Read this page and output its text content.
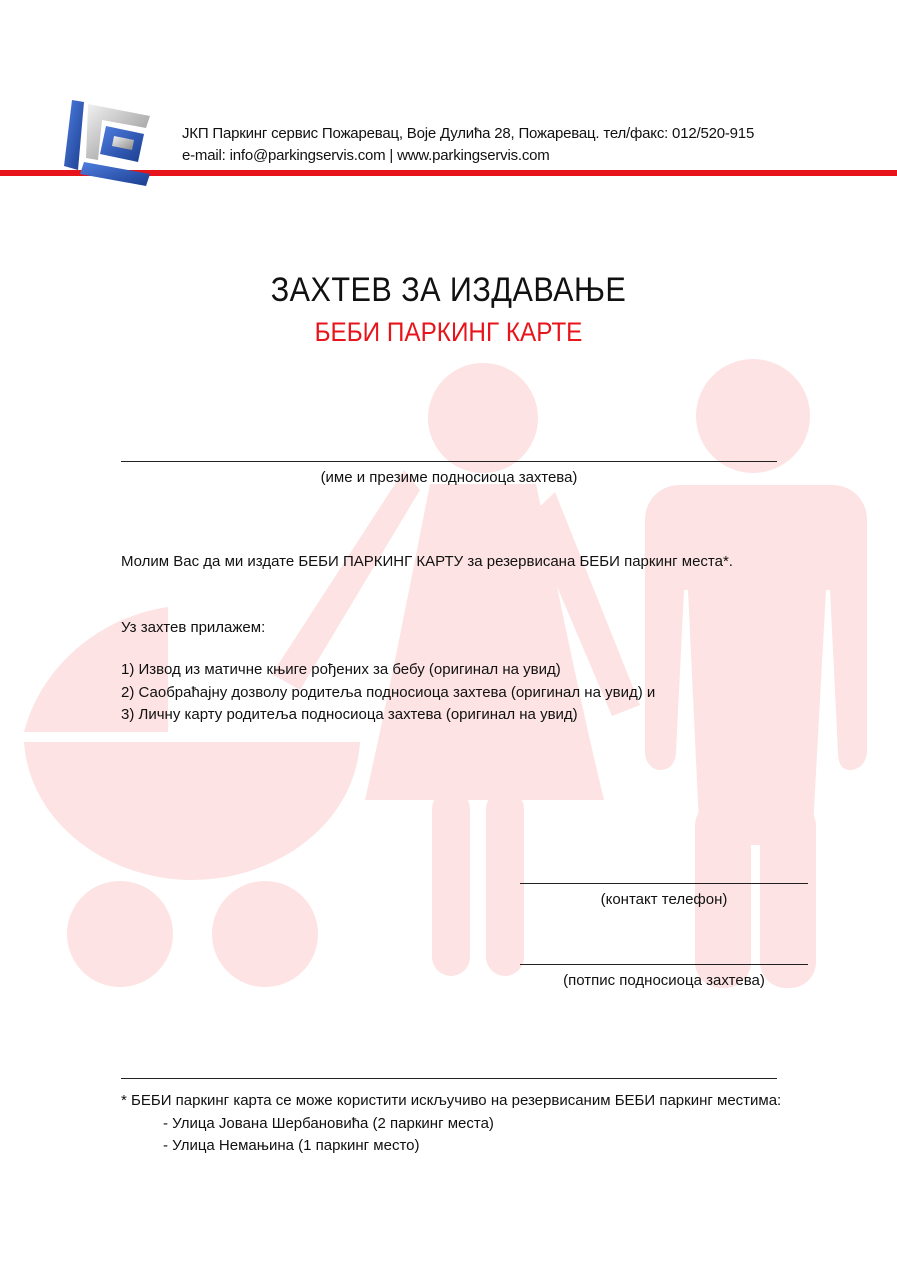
ЈКП Паркинг сервис Пожаревац, Воје Дулића 28, Пожаревац. тел/факс: 012/520-915
e-mail: info@parkingservis.com | www.parkingservis.com
ЗАХТЕВ ЗА ИЗДАВАЊЕ
БЕБИ ПАРКИНГ КАРТЕ
(име и презиме подносиоца захтева)
Молим Вас да ми издате БЕБИ ПАРКИНГ КАРТУ за резервисана БЕБИ паркинг места*.
Уз захтев прилажем:
1) Извод из матичне књиге рођених за бебу (оригинал на увид)
2) Саобраћајну дозволу родитеља подносиоца захтева (оригинал на увид) и
3) Личну карту родитеља подносиоца захтева (оригинал на увид)
(контакт телефон)
(потпис подносиоца захтева)
* БЕБИ паркинг карта се може користити искључиво на резервисаним БЕБИ паркинг местима:
- Улица Јована Шербановића (2 паркинг места)
- Улица Немањина (1 паркинг место)
